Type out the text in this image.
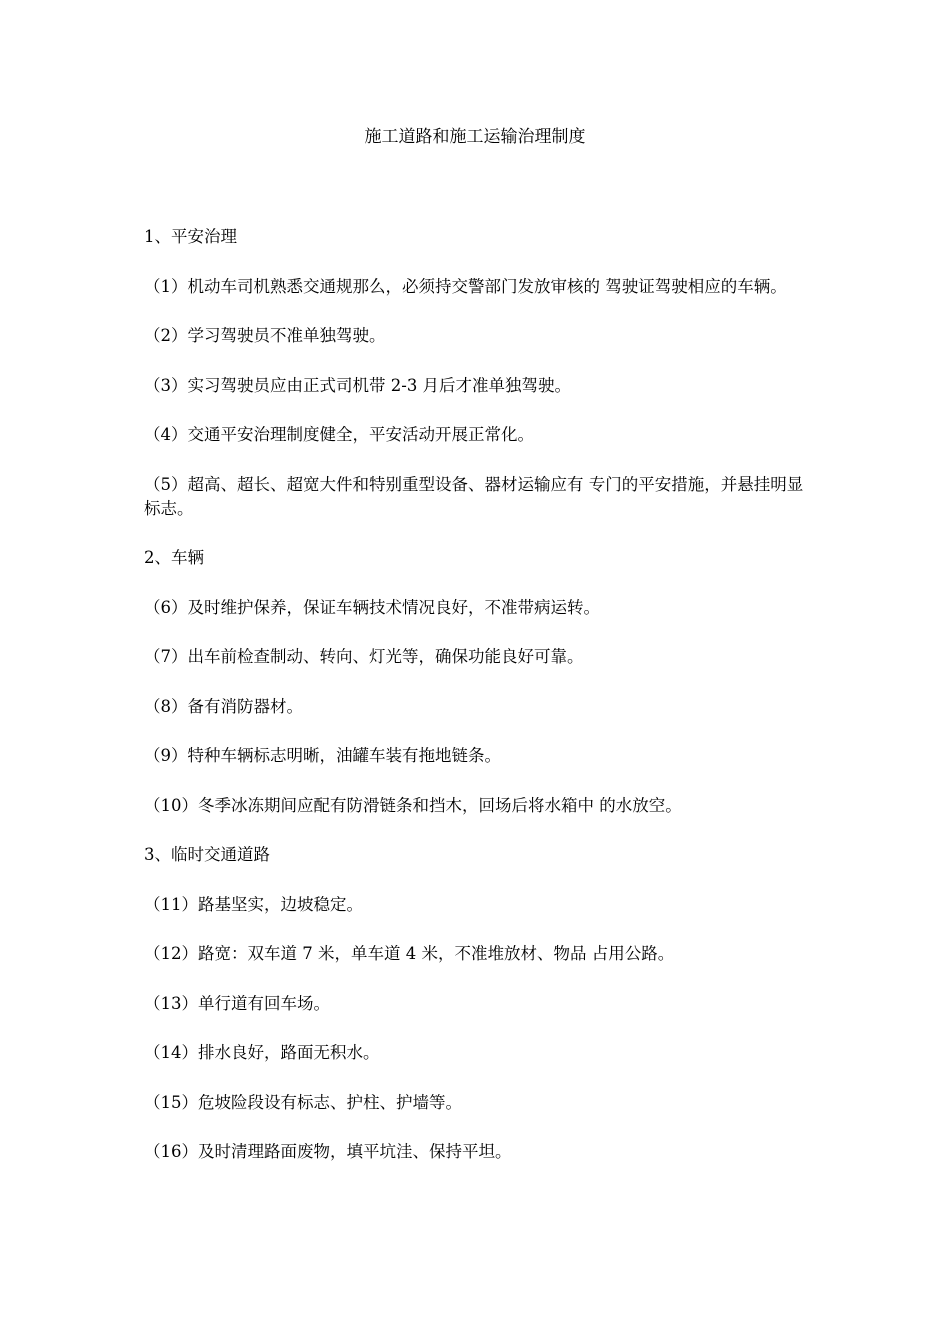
施工道路和施工运输治理制度

1、平安治理

（1）机动车司机熟悉交通规那么，必须持交警部门发放审核的 驾驶证驾驶相应的车辆。

（2）学习驾驶员不准单独驾驶。

（3）实习驾驶员应由正式司机带 2-3 月后才准单独驾驶。

（4）交通平安治理制度健全，平安活动开展正常化。

（5）超高、超长、超宽大件和特别重型设备、器材运输应有 专门的平安措施，并悬挂明显标志。

2、车辆

（6）及时维护保养，保证车辆技术情况良好，不准带病运转。

（7）出车前检查制动、转向、灯光等，确保功能良好可靠。

（8）备有消防器材。

（9）特种车辆标志明晰，油罐车装有拖地链条。

（10）冬季冰冻期间应配有防滑链条和挡木，回场后将水箱中 的水放空。

3、临时交通道路

（11）路基坚实，边坡稳定。

（12）路宽：双车道 7 米，单车道 4 米，不准堆放材、物品 占用公路。

（13）单行道有回车场。

（14）排水良好，路面无积水。

（15）危坡险段设有标志、护柱、护墙等。

（16）及时清理路面废物，填平坑洼、保持平坦。
